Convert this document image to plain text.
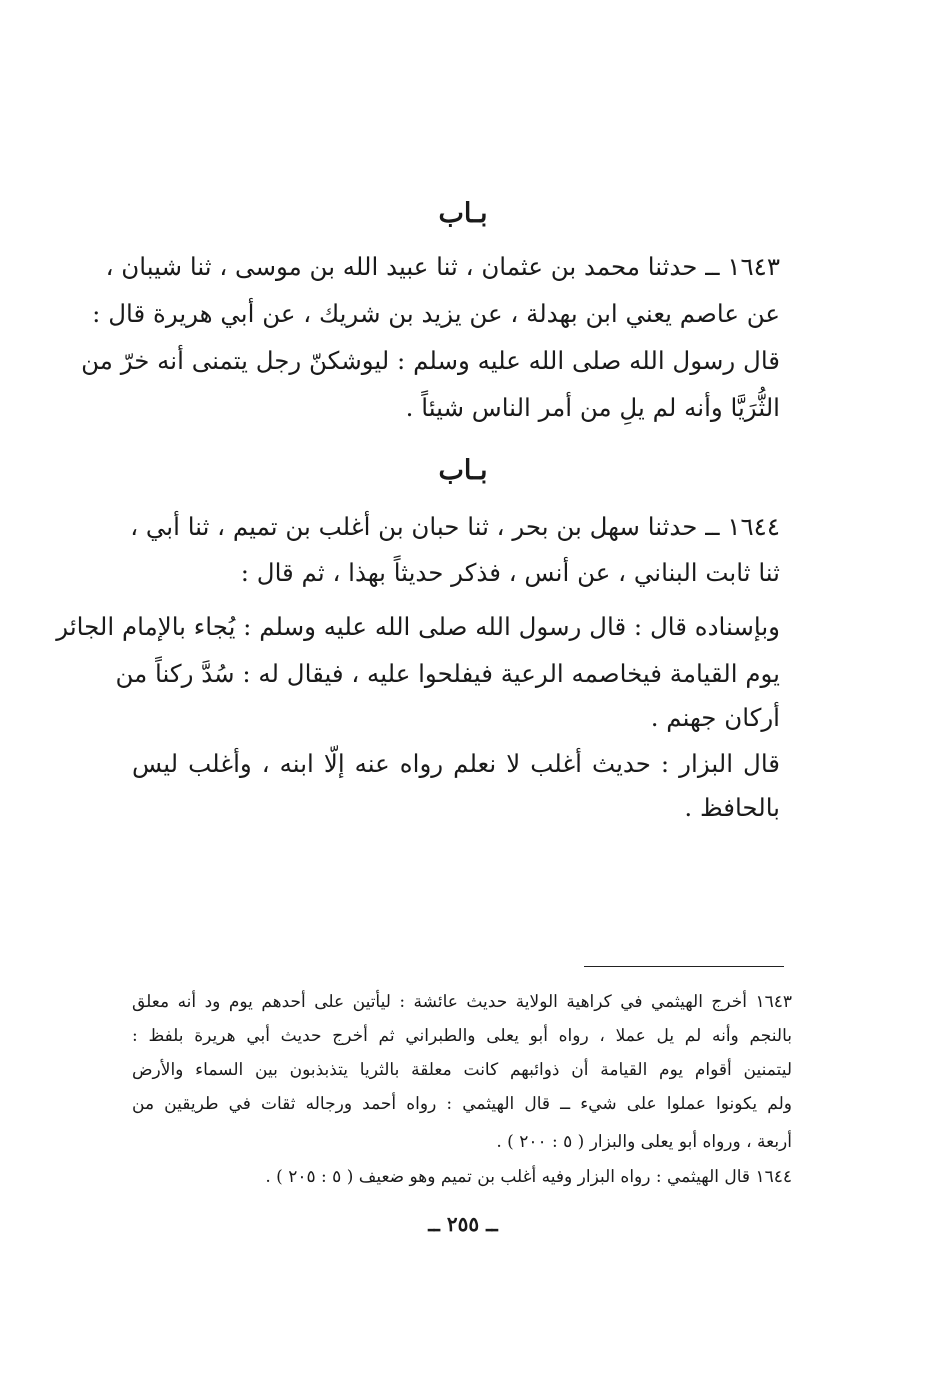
بـاب
١٦٤٣ ــ حدثنا محمد بن عثمان ، ثنا عبيد الله بن موسى ، ثنا شيبان ،
عن عاصم يعني ابن بهدلة ، عن يزيد بن شريك ، عن أبي هريرة قال :
قال رسول الله صلى الله عليه وسلم : ليوشكنّ رجل يتمنى أنه خرّ من
الثُّرَيَّا وأنه لم يلِ من أمر الناس شيئاً .
بـاب
١٦٤٤ ــ حدثنا سهل بن بحر ، ثنا حبان بن أغلب بن تميم ، ثنا أبي ،
ثنا ثابت البناني ، عن أنس ، فذكر حديثاً بهذا ، ثم قال :
وبإسناده قال : قال رسول الله صلى الله عليه وسلم : يُجاء بالإمام الجائر
يوم القيامة فيخاصمه الرعية فيفلحوا عليه ، فيقال له : سُدَّ ركناً من
أركان جهنم .
قال البزار : حديث أغلب لا نعلم رواه عنه إلّا ابنه ، وأغلب ليس
بالحافظ .
١٦٤٣ أخرج الهيثمي في كراهية الولاية حديث عائشة : ليأتين على أحدهم يوم ود أنه معلق
بالنجم وأنه لم يل عملا ، رواه أبو يعلى والطبراني ثم أخرج حديث أبي هريرة بلفظ :
ليتمنين أقوام يوم القيامة أن ذوائبهم كانت معلقة بالثريا يتذبذبون بين السماء والأرض
ولم يكونوا عملوا على شيء ــ قال الهيثمي : رواه أحمد ورجاله ثقات في طريقين من
أربعة ، ورواه أبو يعلى والبزار ( ٥ : ٢٠٠ ) .
١٦٤٤ قال الهيثمي : رواه البزار وفيه أغلب بن تميم وهو ضعيف ( ٥ : ٢٠٥ ) .
ــ ٢٥٥ ــ
